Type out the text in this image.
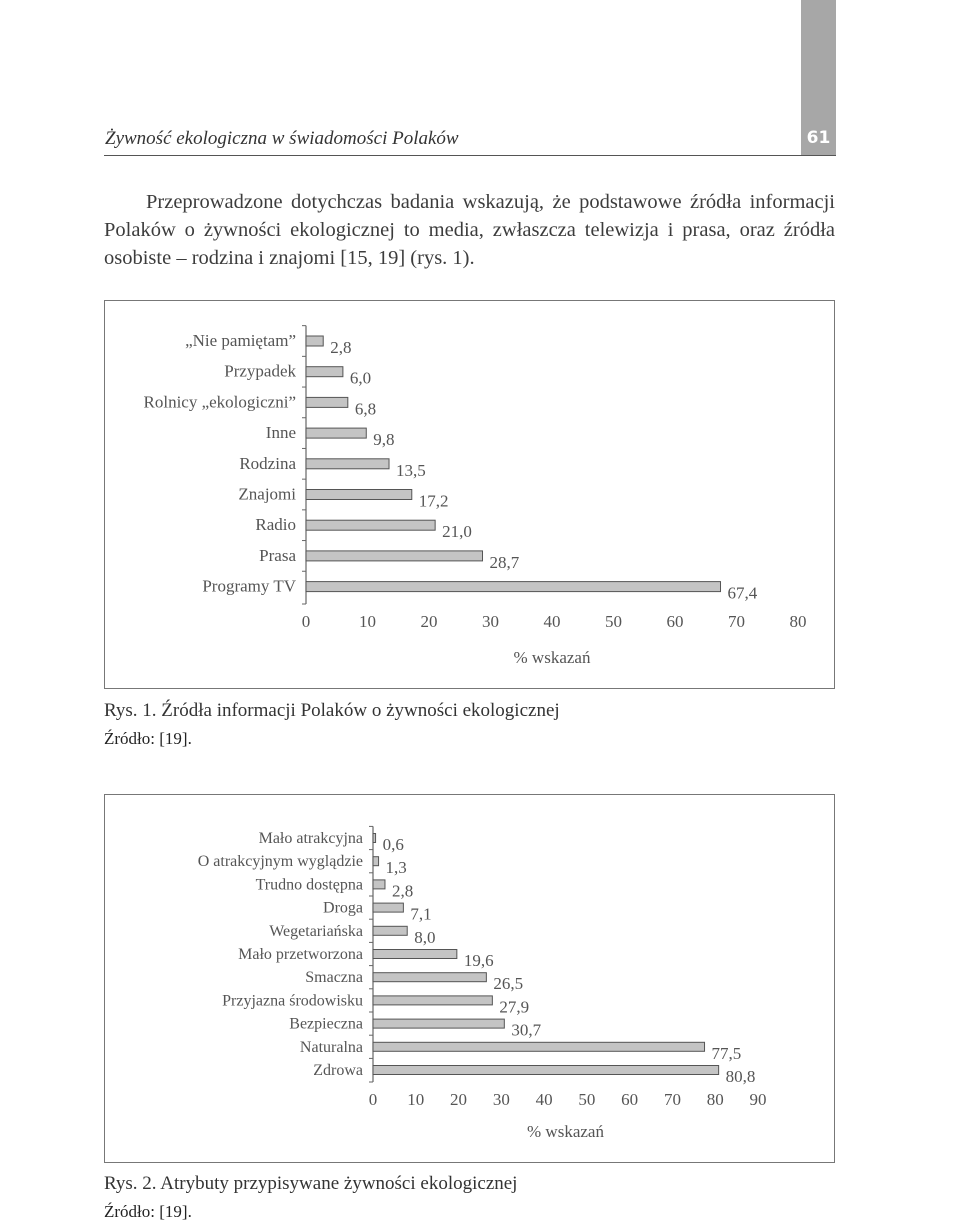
61
Żywność ekologiczna w świadomości Polaków

Przeprowadzone dotychczas badania wskazują, że podstawowe źródła informacji Polaków o żywności ekologicznej to media, zwłaszcza telewizja i prasa, oraz źródła osobiste – rodzina i znajomi [15, 19] (rys. 1).

„Nie pamiętam” 2,8
Przypadek	6,0
Rolnicy „ekologiczni”	6,8
Inne	9,8
Rodzina	13,5
Znajomi	17,2
Radio	21,0
Prasa	28,7
Programy TV	67,4
0	10	20	30	40	50	60	70	80
% wskazań
Rys. 1. Źródła informacji Polaków o żywności ekologicznej
Źródło: [19].
Mało atrakcyjna 0,6
O atrakcyjnym wyglądzie 1,3
Trudno dostępna 2,8
Droga	7,1
Wegetariańska	8,0
Mało przetworzona	19,6
Smaczna	26,5
Przyjazna środowisku	27,9
Bezpieczna	30,7
Naturalna	77,5
Zdrowa	80,8
0 10 20 30 40 50 60 70 80 90
% wskazań
Rys. 2. Atrybuty przypisywane żywności ekologicznej
Źródło: [19].
